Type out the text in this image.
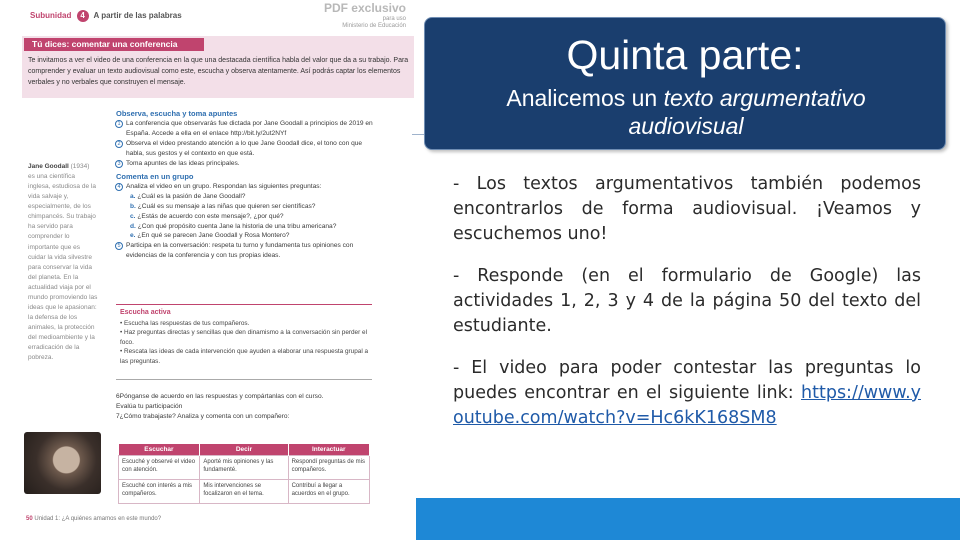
Subunidad 4 A partir de las palabras
PDF exclusivo
para uso
Ministerio de Educación
Tú dices: comentar una conferencia
Te invitamos a ver el video de una conferencia en la que una destacada científica habla del valor que da a su trabajo. Para comprender y evaluar un texto audiovisual como este, escucha y observa atentamente. Así podrás captar los elementos verbales y no verbales que construyen el mensaje.
Jane Goodall (1934) es una científica inglesa, estudiosa de la vida salvaje y, especialmente, de los chimpancés. Su trabajo ha servido para comprender lo importante que es cuidar la vida silvestre para conservar la vida del planeta. En la actualidad viaja por el mundo promoviendo las ideas que le apasionan: la defensa de los animales, la protección del medioambiente y la erradicación de la pobreza.
Observa, escucha y toma apuntes
1 La conferencia que observarás fue dictada por Jane Goodall a principios de 2019 en España. Accede a ella en el enlace http://bit.ly/2ut2NYf
2 Observa el video prestando atención a lo que Jane Goodall dice, el tono con que habla, sus gestos y el contexto en que está.
3 Toma apuntes de las ideas principales.
Comenta en un grupo
4 Analiza el video en un grupo. Respondan las siguientes preguntas:
a. ¿Cuál es la pasión de Jane Goodall?
b. ¿Cuál es su mensaje a las niñas que quieren ser científicas?
c. ¿Estás de acuerdo con este mensaje?, ¿por qué?
d. ¿Con qué propósito cuenta Jane la historia de una tribu americana?
e. ¿En qué se parecen Jane Goodall y Rosa Montero?
5 Participa en la conversación: respeta tu turno y fundamenta tus opiniones con evidencias de la conferencia y con tus propias ideas.
Escucha activa
• Escucha las respuestas de tus compañeros.
• Haz preguntas directas y sencillas que den dinamismo a la conversación sin perder el foco.
• Rescata las ideas de cada intervención que ayuden a elaborar una respuesta grupal a las preguntas.
6Pónganse de acuerdo en las respuestas y compártanlas con el curso.
Evalúa tu participación
7¿Cómo trabajaste? Analiza y comenta con un compañero:
Escuchar	Decir	Interactuar
Escuché y observé el video con atención.	Aporté mis opiniones y las fundamenté.	Respondí preguntas de mis compañeros.
Escuché con interés a mis compañeros.	Mis intervenciones se focalizaron en el tema.	Contribuí a llegar a acuerdos en el grupo.
50 Unidad 1: ¿A quiénes amamos en este mundo?
Quinta parte:
Analicemos un texto argumentativo audiovisual

- Los textos argumentativos también podemos encontrarlos de forma audiovisual. ¡Veamos y escuchemos uno!

- Responde (en el formulario de Google) las actividades 1, 2, 3 y 4 de la página 50 del texto del estudiante.

- El video para poder contestar las preguntas lo puedes encontrar en el siguiente link: https://www.youtube.com/watch?v=Hc6kK168SM8
